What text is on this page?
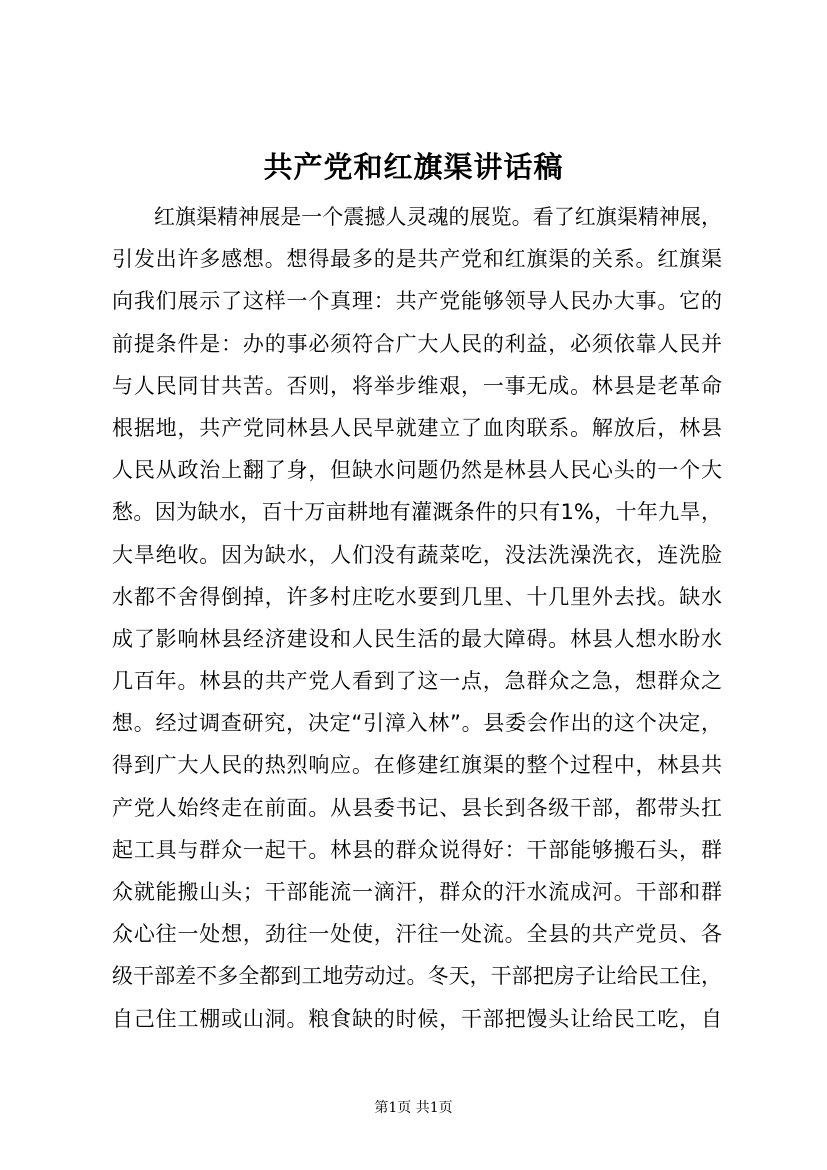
共产党和红旗渠讲话稿
红旗渠精神展是一个震撼人灵魂的展览。看了红旗渠精神展，
引发出许多感想。想得最多的是共产党和红旗渠的关系。红旗渠
向我们展示了这样一个真理：共产党能够领导人民办大事。它的
前提条件是：办的事必须符合广大人民的利益，必须依靠人民并
与人民同甘共苦。否则，将举步维艰，一事无成。林县是老革命
根据地，共产党同林县人民早就建立了血肉联系。解放后，林县
人民从政治上翻了身，但缺水问题仍然是林县人民心头的一个大
愁。因为缺水，百十万亩耕地有灌溉条件的只有1%，十年九旱，
大旱绝收。因为缺水，人们没有蔬菜吃，没法洗澡洗衣，连洗脸
水都不舍得倒掉，许多村庄吃水要到几里、十几里外去找。缺水
成了影响林县经济建设和人民生活的最大障碍。林县人想水盼水
几百年。林县的共产党人看到了这一点，急群众之急，想群众之
想。经过调查研究，决定“引漳入林”。县委会作出的这个决定，
得到广大人民的热烈响应。在修建红旗渠的整个过程中，林县共
产党人始终走在前面。从县委书记、县长到各级干部，都带头扛
起工具与群众一起干。林县的群众说得好：干部能够搬石头，群
众就能搬山头；干部能流一滴汗，群众的汗水流成河。干部和群
众心往一处想，劲往一处使，汗往一处流。全县的共产党员、各
级干部差不多全都到工地劳动过。冬天，干部把房子让给民工住，
自己住工棚或山洞。粮食缺的时候，干部把馒头让给民工吃，自
第1页 共1页
